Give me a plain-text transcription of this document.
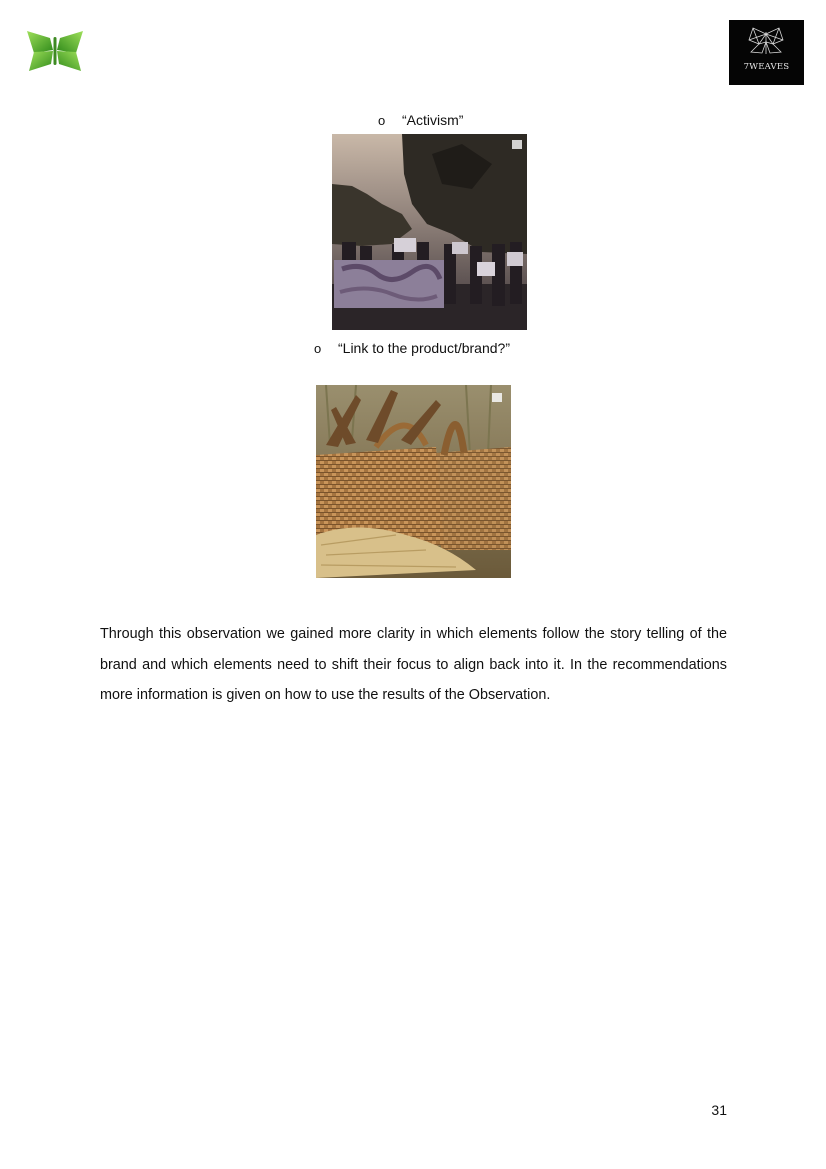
7WEAVES
o “Activism”
o “Link to the product/brand?”

Through this observation we gained more clarity in which elements follow the story telling of the brand and which elements need to shift their focus to align back into it. In the recommendations more information is given on how to use the results of the Observation.

31
